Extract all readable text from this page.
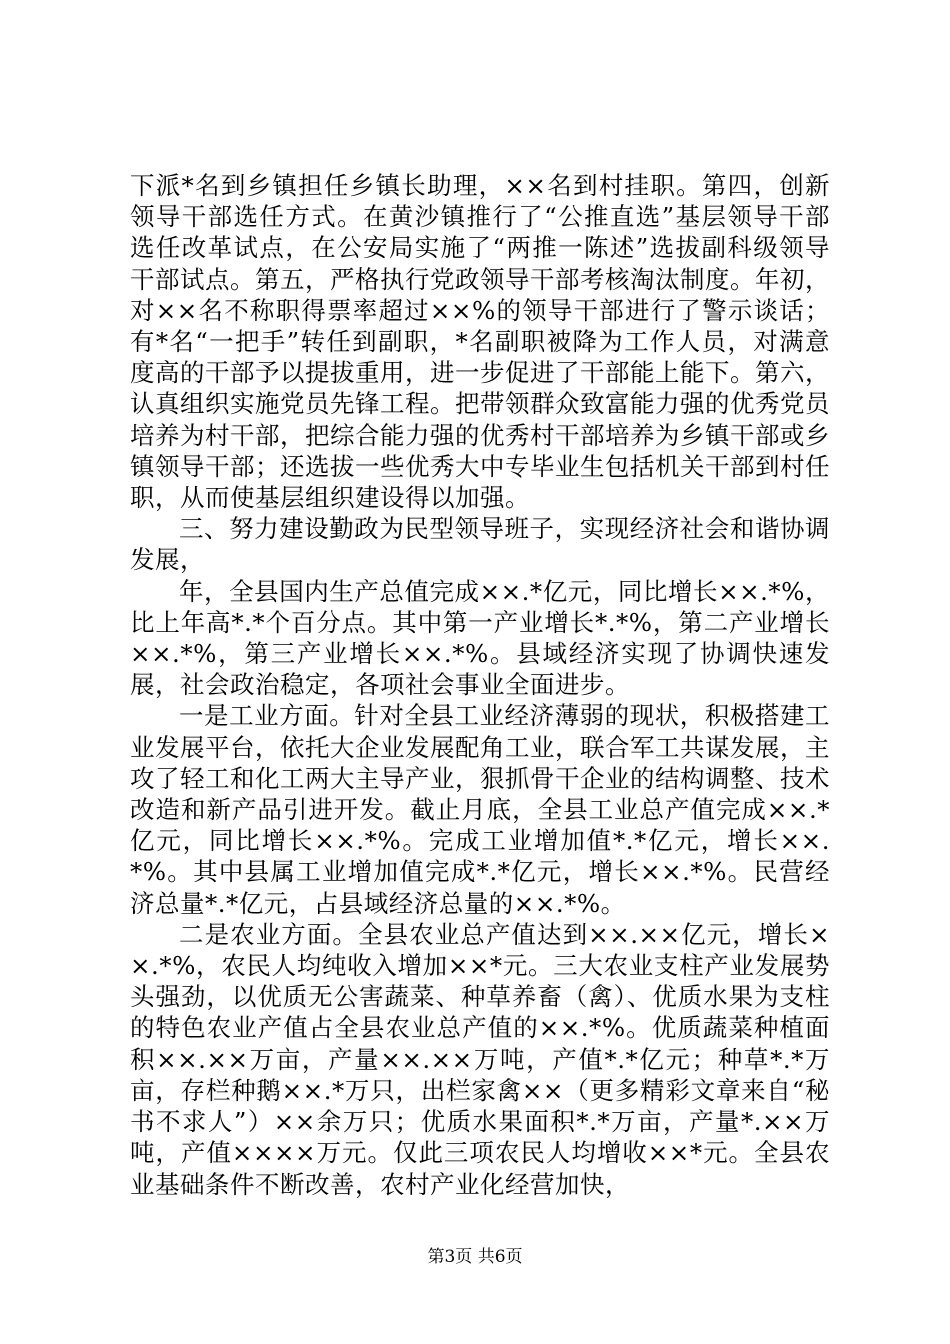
下派*名到乡镇担任乡镇长助理，××名到村挂职。第四，创新领导干部选任方式。在黄沙镇推行了“公推直选”基层领导干部选任改革试点，在公安局实施了“两推一陈述”选拔副科级领导干部试点。第五，严格执行党政领导干部考核淘汰制度。年初，对××名不称职得票率超过××%的领导干部进行了警示谈话；有*名“一把手”转任到副职，*名副职被降为工作人员，对满意度高的干部予以提拔重用，进一步促进了干部能上能下。第六，认真组织实施党员先锋工程。把带领群众致富能力强的优秀党员培养为村干部，把综合能力强的优秀村干部培养为乡镇干部或乡镇领导干部；还选拔一些优秀大中专毕业生包括机关干部到村任职，从而使基层组织建设得以加强。

三、努力建设勤政为民型领导班子，实现经济社会和谐协调发展，

年，全县国内生产总值完成××.*亿元，同比增长××.*%，比上年高*.*个百分点。其中第一产业增长*.*%，第二产业增长××.*%，第三产业增长××.*%。县域经济实现了协调快速发展，社会政治稳定，各项社会事业全面进步。

一是工业方面。针对全县工业经济薄弱的现状，积极搭建工业发展平台，依托大企业发展配角工业，联合军工共谋发展，主攻了轻工和化工两大主导产业，狠抓骨干企业的结构调整、技术改造和新产品引进开发。截止月底，全县工业总产值完成××.*亿元，同比增长××.*%。完成工业增加值*.*亿元，增长××.*%。其中县属工业增加值完成*.*亿元，增长××.*%。民营经济总量*.*亿元，占县域经济总量的××.*%。

二是农业方面。全县农业总产值达到××.××亿元，增长××.*%，农民人均纯收入增加××*元。三大农业支柱产业发展势头强劲，以优质无公害蔬菜、种草养畜（禽）、优质水果为支柱的特色农业产值占全县农业总产值的××.*%。优质蔬菜种植面积××.××万亩，产量××.××万吨，产值*.*亿元；种草*.*万亩，存栏种鹅××.*万只，出栏家禽××（更多精彩文章来自“秘书不求人”）××余万只；优质水果面积*.*万亩，产量*.××万吨，产值××××万元。仅此三项农民人均增收××*元。全县农业基础条件不断改善，农村产业化经营加快，

第3页 共6页
